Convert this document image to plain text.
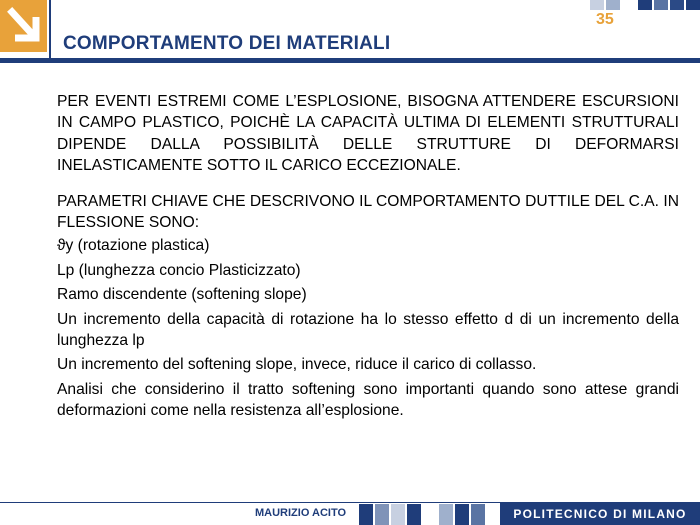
35
COMPORTAMENTO DEI MATERIALI

PER EVENTI ESTREMI COME L’ESPLOSIONE, BISOGNA ATTENDERE ESCURSIONI IN CAMPO PLASTICO, POICHÈ LA CAPACITÀ ULTIMA DI ELEMENTI STRUTTURALI DIPENDE DALLA POSSIBILITÀ DELLE STRUTTURE DI DEFORMARSI INELASTICAMENTE SOTTO IL CARICO ECCEZIONALE.

PARAMETRI CHIAVE CHE DESCRIVONO IL COMPORTAMENTO DUTTILE DEL C.A. IN FLESSIONE SONO:

ϑy (rotazione plastica)

Lp (lunghezza concio Plasticizzato)

Ramo discendente (softening slope)

Un incremento della capacità di rotazione ha lo stesso effetto d di un incremento della lunghezza lp

Un incremento del softening slope, invece, riduce il carico di collasso.

Analisi che considerino il tratto softening sono importanti quando sono attese grandi deformazioni come nella resistenza all’esplosione.

MAURIZIO ACITO	POLITECNICO DI MILANO
